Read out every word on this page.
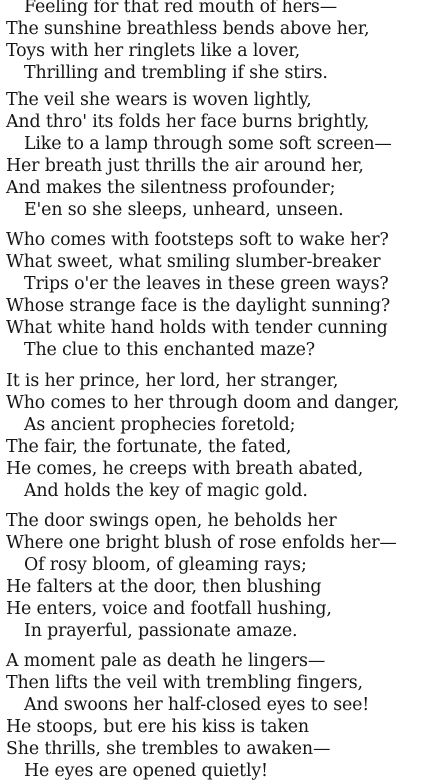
Feeling for that red mouth of hers—
The sunshine breathless bends above her,
Toys with her ringlets like a lover,
Thrilling and trembling if she stirs.
The veil she wears is woven lightly,
And thro' its folds her face burns brightly,
Like to a lamp through some soft screen—
Her breath just thrills the air around her,
And makes the silentness profounder;
E'en so she sleeps, unheard, unseen.
Who comes with footsteps soft to wake her?
What sweet, what smiling slumber-breaker
Trips o'er the leaves in these green ways?
Whose strange face is the daylight sunning?
What white hand holds with tender cunning
The clue to this enchanted maze?
It is her prince, her lord, her stranger,
Who comes to her through doom and danger,
As ancient prophecies foretold;
The fair, the fortunate, the fated,
He comes, he creeps with breath abated,
And holds the key of magic gold.
The door swings open, he beholds her
Where one bright blush of rose enfolds her—
Of rosy bloom, of gleaming rays;
He falters at the door, then blushing
He enters, voice and footfall hushing,
In prayerful, passionate amaze.
A moment pale as death he lingers—
Then lifts the veil with trembling fingers,
And swoons her half-closed eyes to see!
He stoops, but ere his kiss is taken
She thrills, she trembles to awaken—
He eyes are opened quietly!
